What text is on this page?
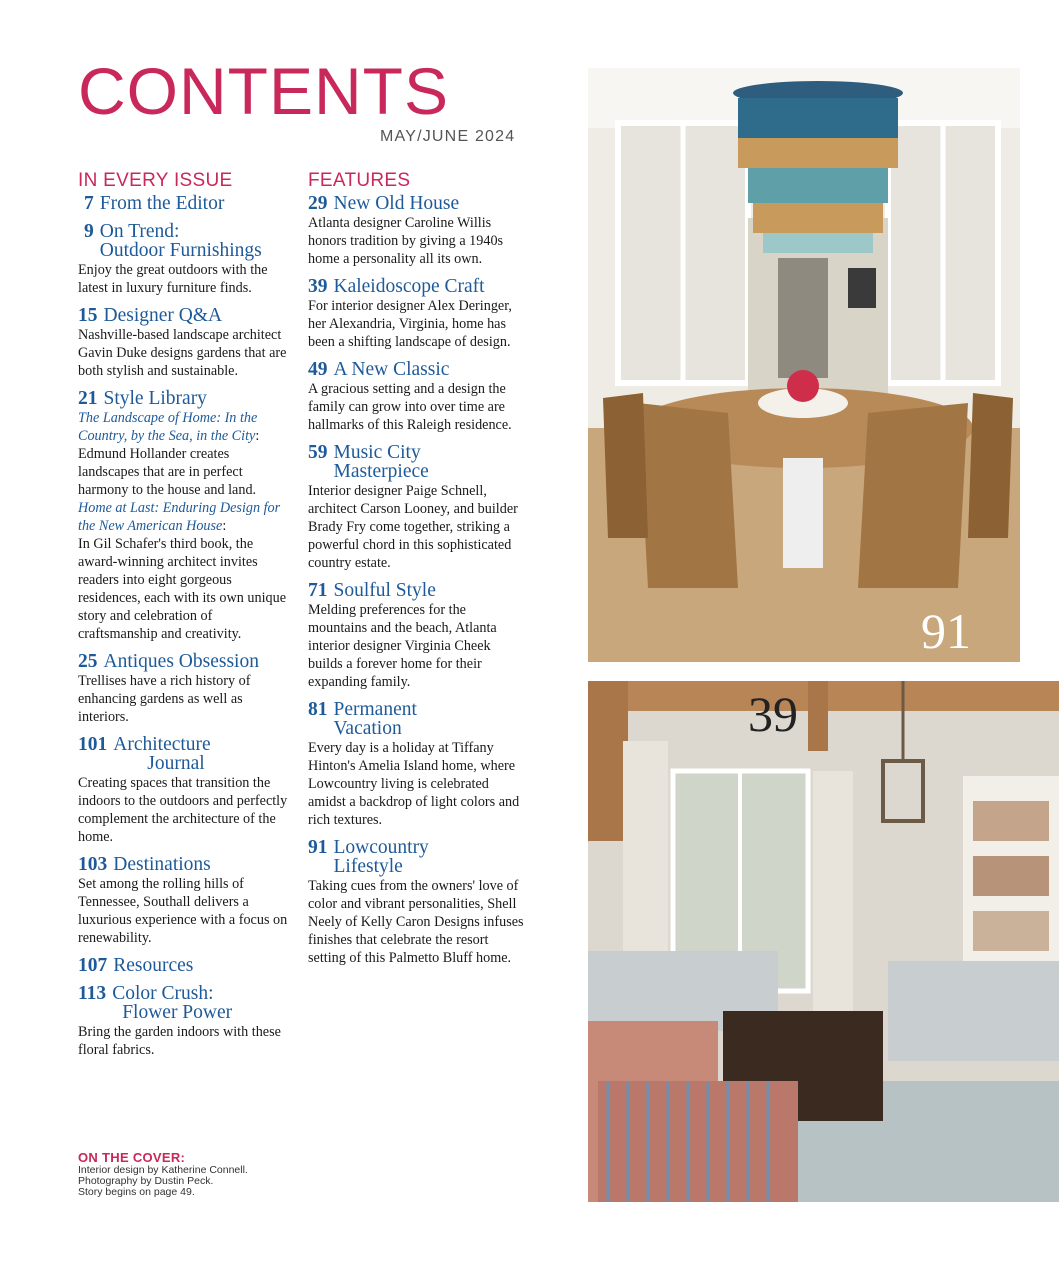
CONTENTS
MAY/JUNE 2024
IN EVERY ISSUE
7 From the Editor
9 On Trend:
Outdoor Furnishings

Enjoy the great outdoors with the latest in luxury furniture finds.

15 Designer Q&A

Nashville-based landscape architect Gavin Duke designs gardens that are both stylish and sustainable.

21 Style Library

The Landscape of Home: In the Country, by the Sea, in the City:
Edmund Hollander creates landscapes that are in perfect harmony to the house and land.
Home at Last: Enduring Design for the New American House:
In Gil Schafer's third book, the award-winning architect invites readers into eight gorgeous residences, each with its own unique story and celebration of craftsmanship and creativity.

25 Antiques Obsession

Trellises have a rich history of enhancing gardens as well as interiors.

101 Architecture
Journal

Creating spaces that transition the indoors to the outdoors and perfectly complement the architecture of the home.

103 Destinations

Set among the rolling hills of Tennessee, Southall delivers a luxurious experience with a focus on renewability.

107 Resources
113 Color Crush:
Flower Power

Bring the garden indoors with these floral fabrics.

FEATURES
29 New Old House

Atlanta designer Caroline Willis honors tradition by giving a 1940s home a personality all its own.

39 Kaleidoscope Craft

For interior designer Alex Deringer, her Alexandria, Virginia, home has been a shifting landscape of design.

49 A New Classic

A gracious setting and a design the family can grow into over time are hallmarks of this Raleigh residence.

59 Music City
Masterpiece

Interior designer Paige Schnell, architect Carson Looney, and builder Brady Fry come together, striking a powerful chord in this sophisticated country estate.

71 Soulful Style

Melding preferences for the mountains and the beach, Atlanta interior designer Virginia Cheek builds a forever home for their expanding family.

81 Permanent
Vacation

Every day is a holiday at Tiffany Hinton's Amelia Island home, where Lowcountry living is celebrated amidst a backdrop of light colors and rich textures.

91 Lowcountry
Lifestyle

Taking cues from the owners' love of color and vibrant personalities, Shell Neely of Kelly Caron Designs infuses finishes that celebrate the resort setting of this Palmetto Bluff home.

ON THE COVER:
Interior design by Katherine Connell.
Photography by Dustin Peck.
Story begins on page 49.
91
39
